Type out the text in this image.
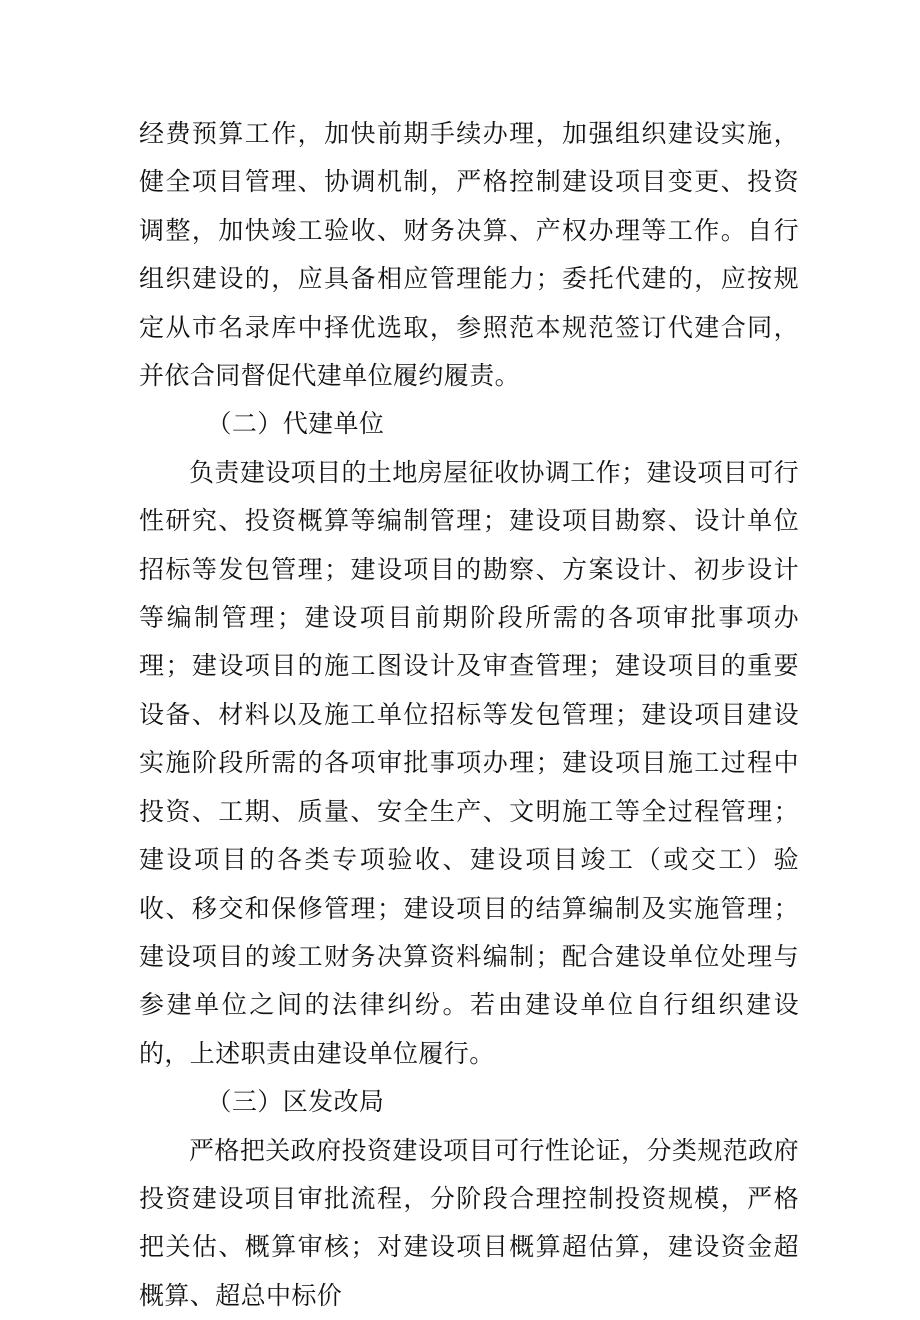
经费预算工作，加快前期手续办理，加强组织建设实施，健全项目管理、协调机制，严格控制建设项目变更、投资调整，加快竣工验收、财务决算、产权办理等工作。自行组织建设的，应具备相应管理能力；委托代建的，应按规定从市名录库中择优选取，参照范本规范签订代建合同，并依合同督促代建单位履约履责。

（二）代建单位

负责建设项目的土地房屋征收协调工作；建设项目可行性研究、投资概算等编制管理；建设项目勘察、设计单位招标等发包管理；建设项目的勘察、方案设计、初步设计等编制管理；建设项目前期阶段所需的各项审批事项办理；建设项目的施工图设计及审查管理；建设项目的重要设备、材料以及施工单位招标等发包管理；建设项目建设实施阶段所需的各项审批事项办理；建设项目施工过程中投资、工期、质量、安全生产、文明施工等全过程管理；建设项目的各类专项验收、建设项目竣工（或交工）验收、移交和保修管理；建设项目的结算编制及实施管理；建设项目的竣工财务决算资料编制；配合建设单位处理与参建单位之间的法律纠纷。若由建设单位自行组织建设的，上述职责由建设单位履行。

（三）区发改局

严格把关政府投资建设项目可行性论证，分类规范政府投资建设项目审批流程，分阶段合理控制投资规模，严格把关估、概算审核；对建设项目概算超估算，建设资金超概算、超总中标价
